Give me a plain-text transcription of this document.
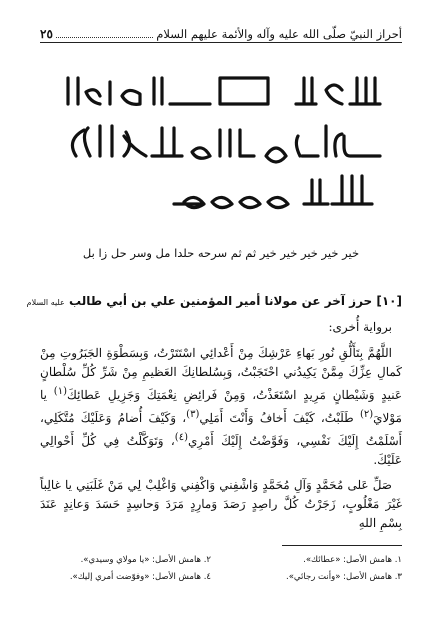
أحراز النبيّ صلّى الله عليه وآله والأئمة عليهم السلام
٢٥
خير خير خير خير خير ثم ثم سرحه حلدا مل وسر حل زا بل
[١٠] حرز آخر عن مولانا أمير المؤمنين علي بن أبي طالب عليه السلام
برواية أُخرى:

اللَّهُمَّ بِتَأَلُّقِ نُورِ بَهاءِ عَرْشِكَ مِنْ أَعْدائِي اسْتَتَرْتُ، وَبِسَطْوَةِ الجَبَرُوتِ مِنْ كَمالِ عِزِّكَ مِمَّنْ يَكِيدُني احْتَجَبْتُ، وَبِسُلطانِكَ العَظيمِ مِنْ شَرِّ كُلِّ سُلْطانٍ عَنيدٍ وَشَيْطانٍ مَرِيدٍ اسْتَعَذْتُ، وَمِنْ فَرائِضِ نِعْمَتِكَ وَجَزِيلِ عَطائِكَ$^{(١)}$ يا مَوْلايَ$^{(٢)}$ طَلَبْتُ، كَيْفَ أَخافُ وَأَنْتَ أَمَلِي$^{(٣)}$، وَكَيْفَ أُضامُ وَعَلَيْكَ مُتَّكَلِي، أَسْلَمْتُ إِلَيْكَ نَفْسِي، وَفَوَّضْتُ إِلَيْكَ أَمْرِي$^{(٤)}$، وَتَوَكَّلْتُ فِي كُلِّ أَحْوالِي عَلَيْكَ.

صَلِّ عَلى مُحَمَّدٍ وَآلِ مُحَمَّدٍ وَاشْفِني وَاكْفِني وَاغْلِبْ لِي مَنْ غَلَبَنِي يا غالِباً غَيْرَ مَغْلُوبٍ، زَجَرْتُ كُلَّ راصِدٍ رَصَدَ وَمارِدٍ مَرَدَ وَحاسِدٍ حَسَدَ وَعانِدٍ عَنَدَ بِسْمِ اللهِ

١. هامش الأصل: «عطائك».
٢. هامش الأصل: «يا مولاي وسيدي».
٣. هامش الأصل: «وأنت رجائي».
٤. هامش الأصل: «وفوّضت أمري إليك».
